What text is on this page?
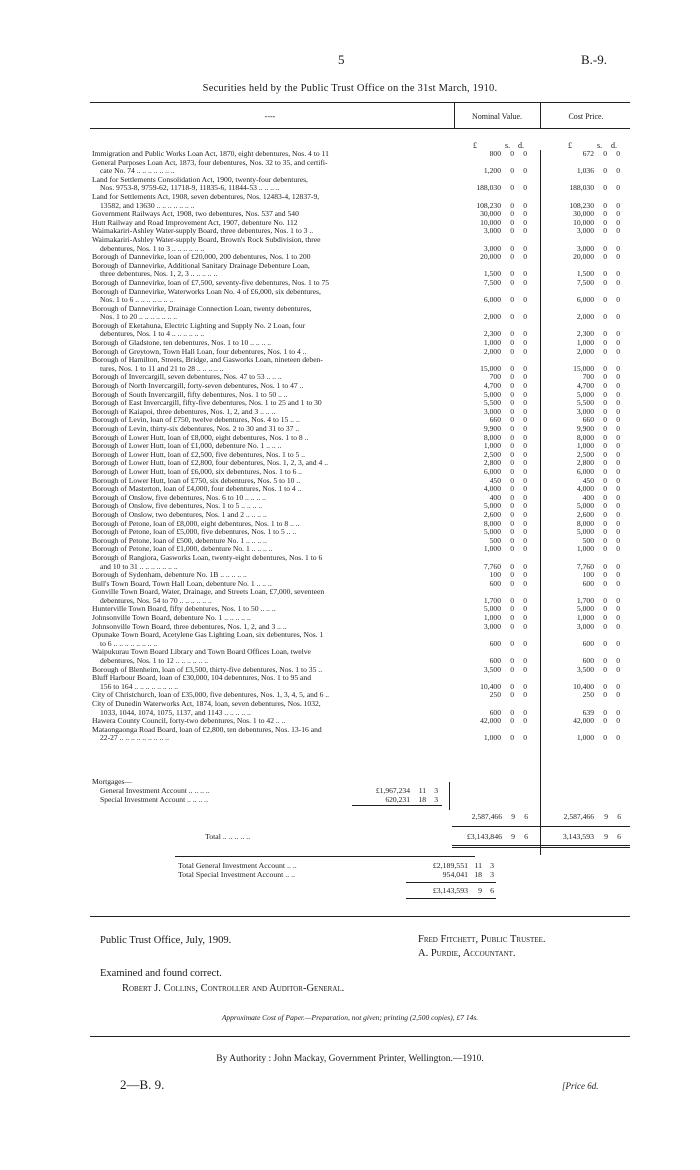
5	B.-9.
Securities held by the Public Trust Office on the 31st March, 1910.
----	Nominal Value.	Cost Price.
£	s. d.	£	s. d.
Immigration and Public Works Loan Act, 1870, eight debentures, Nos. 4 to 11	800	0	0	672	0	0
General Purposes Loan Act, 1873, four debentures, Nos. 32 to 35, and certifi-
cate No. 74 .. .. .. .. .. .. ..	1,200	0	0	1,036	0	0
Land for Settlements Consolidation Act, 1900, twenty-four debentures,
Nos. 9753-8, 9759-62, 11718-9, 11835-6, 11844-53 .. .. .. ..	188,030	0	0	188,030	0	0
Land for Settlements Act, 1908, seven debentures, Nos. 12483-4, 12837-9,
13582, and 13630 .. .. .. .. .. .. ..	108,230	0	0	108,230	0	0
Government Railways Act, 1908, two debentures, Nos. 537 and 540	30,000	0	0	30,000	0	0
Hutt Railway and Road Improvement Act, 1907, debenture No. 112	10,000	0	0	10,000	0	0
Waimakariri-Ashley Water-supply Board, three debentures, Nos. 1 to 3 ..	3,000	0	0	3,000	0	0
Waimakariri-Ashley Water-supply Board, Brown's Rock Subdivision, three
debentures, Nos. 1 to 3 .. .. .. .. .. ..	3,000	0	0	3,000	0	0
Borough of Dannevirke, loan of £20,000, 200 debentures, Nos. 1 to 200	20,000	0	0	20,000	0	0
Borough of Dannevirke, Additional Sanitary Drainage Debenture Loan,
three debentures, Nos. 1, 2, 3 .. .. .. .. ..	1,500	0	0	1,500	0	0
Borough of Dannevirke, loan of £7,500, seventy-five debentures, Nos. 1 to 75	7,500	0	0	7,500	0	0
Borough of Dannevirke, Waterworks Loan No. 4 of £6,000, six debentures,
Nos. 1 to 6 .. .. .. .. .. .. ..	6,000	0	0	6,000	0	0
Borough of Dannevirke, Drainage Connection Loan, twenty debentures,
Nos. 1 to 20 .. .. .. .. .. .. ..	2,000	0	0	2,000	0	0
Borough of Eketahuna, Electric Lighting and Supply No. 2 Loan, four
debentures, Nos. 1 to 4 .. .. .. .. .. ..	2,300	0	0	2,300	0	0
Borough of Gladstone, ten debentures, Nos. 1 to 10 .. .. .. ..	1,000	0	0	1,000	0	0
Borough of Greytown, Town Hall Loan, four debentures, Nos. 1 to 4 ..	2,000	0	0	2,000	0	0
Borough of Hamilton, Streets, Bridge, and Gasworks Loan, nineteen deben-
tures, Nos. 1 to 11 and 21 to 28 .. .. .. .. ..	15,000	0	0	15,000	0	0
Borough of Invercargill, seven debentures, Nos. 47 to 53 .. .. ..	700	0	0	700	0	0
Borough of North Invercargill, forty-seven debentures, Nos. 1 to 47 ..	4,700	0	0	4,700	0	0
Borough of South Invercargill, fifty debentures, Nos. 1 to 50 .. ..	5,000	0	0	5,000	0	0
Borough of East Invercargill, fifty-five debentures, Nos. 1 to 25 and 1 to 30	5,500	0	0	5,500	0	0
Borough of Kaiapoi, three debentures, Nos. 1, 2, and 3 .. .. ..	3,000	0	0	3,000	0	0
Borough of Levin, loan of £750, twelve debentures, Nos. 4 to 15 .. ..	660	0	0	660	0	0
Borough of Levin, thirty-six debentures, Nos. 2 to 30 and 31 to 37 ..	9,900	0	0	9,900	0	0
Borough of Lower Hutt, loan of £8,000, eight debentures, Nos. 1 to 8 ..	8,000	0	0	8,000	0	0
Borough of Lower Hutt, loan of £1,000, debenture No. 1 .. .. ..	1,000	0	0	1,000	0	0
Borough of Lower Hutt, loan of £2,500, five debentures, Nos. 1 to 5 ..	2,500	0	0	2,500	0	0
Borough of Lower Hutt, loan of £2,800, four debentures, Nos. 1, 2, 3, and 4 ..	2,800	0	0	2,800	0	0
Borough of Lower Hutt, loan of £6,000, six debentures, Nos. 1 to 6 ..	6,000	0	0	6,000	0	0
Borough of Lower Hutt, loan of £750, six debentures, Nos. 5 to 10 ..	450	0	0	450	0	0
Borough of Masterton, loan of £4,000, four debentures, Nos. 1 to 4 ..	4,000	0	0	4,000	0	0
Borough of Onslow, five debentures, Nos. 6 to 10 .. .. .. ..	400	0	0	400	0	0
Borough of Onslow, five debentures, Nos. 1 to 5 .. .. .. ..	5,000	0	0	5,000	0	0
Borough of Onslow, two debentures, Nos. 1 and 2 .. .. .. ..	2,600	0	0	2,600	0	0
Borough of Petone, loan of £8,000, eight debentures, Nos. 1 to 8 .. ..	8,000	0	0	8,000	0	0
Borough of Petone, loan of £5,000, five debentures, Nos. 1 to 5 .. ..	5,000	0	0	5,000	0	0
Borough of Petone, loan of £500, debenture No. 1 .. .. .. ..	500	0	0	500	0	0
Borough of Petone, loan of £1,000, debenture No. 1 .. .. .. ..	1,000	0	0	1,000	0	0
Borough of Rangiora, Gasworks Loan, twenty-eight debentures, Nos. 1 to 6
and 10 to 31 .. .. .. .. .. .. ..	7,760	0	0	7,760	0	0
Borough of Sydenham, debenture No. 1B .. .. .. .. ..	100	0	0	100	0	0
Bull's Town Board, Town Hall Loan, debenture No. 1 .. .. ..	600	0	0	600	0	0
Gonville Town Board, Water, Drainage, and Streets Loan, £7,000, seventeen
debentures, Nos. 54 to 70 .. .. .. .. .. ..	1,700	0	0	1,700	0	0
Hunterville Town Board, fifty debentures, Nos. 1 to 50 .. .. ..	5,000	0	0	5,000	0	0
Johnsonville Town Board, debenture No. 1 .. .. .. .. ..	1,000	0	0	1,000	0	0
Johnsonville Town Board, three debentures, Nos. 1, 2, and 3 .. ..	3,000	0	0	3,000	0	0
Opunake Town Board, Acetylene Gas Lighting Loan, six debentures, Nos. 1
to 6 .. .. .. .. .. .. .. ..	600	0	0	600	0	0
Waipukurau Town Board Library and Town Board Offices Loan, twelve
debentures, Nos. 1 to 12 .. .. .. .. .. ..	600	0	0	600	0	0
Borough of Blenheim, loan of £3,500, thirty-five debentures, Nos. 1 to 35 ..	3,500	0	0	3,500	0	0
Bluff Harbour Board, loan of £30,000, 104 debentures, Nos. 1 to 95 and
156 to 164 .. .. .. .. .. .. .. ..	10,400	0	0	10,400	0	0
City of Christchurch, loan of £35,000, five debentures, Nos. 1, 3, 4, 5, and 6 ..	250	0	0	250	0	0
City of Dunedin Waterworks Act, 1874, loan, seven debentures, Nos. 1032,
1033, 1044, 1074, 1075, 1137, and 1143 .. .. .. .. ..	600	0	0	639	0	0
Hawera County Council, forty-two debentures, Nos. 1 to 42 .. ..	42,000	0	0	42,000	0	0
Mataongaonga Road Board, loan of £2,800, ten debentures, Nos. 13-16 and
22-27 .. .. .. .. .. .. .. .. ..	1,000	0	0	1,000	0	0
Mortgages—
General Investment Account .. .. .. ..	£1,967,234	11	3
Special Investment Account .. .. .. ..	620,231	18	3
2,587,466	9	6	2,587,466	9	6
Total .. .. .. .. ..	£3,143,846	9	6	3,143,593	9	6
Total General Investment Account .. ..	£2,189,551 11	3
Total Special Investment Account .. ..	954,041 18	3
£3,143,593	9	6
Public Trust Office, July, 1909.	Fred Fitchett, Public Trustee.
A. Purdie, Accountant.
Examined and found correct.
Robert J. Collins, Controller and Auditor-General.
Approximate Cost of Paper.—Preparation, not given; printing (2,500 copies), £7 14s.
By Authority : John Mackay, Government Printer, Wellington.—1910.
2—B. 9.	[Price 6d.
